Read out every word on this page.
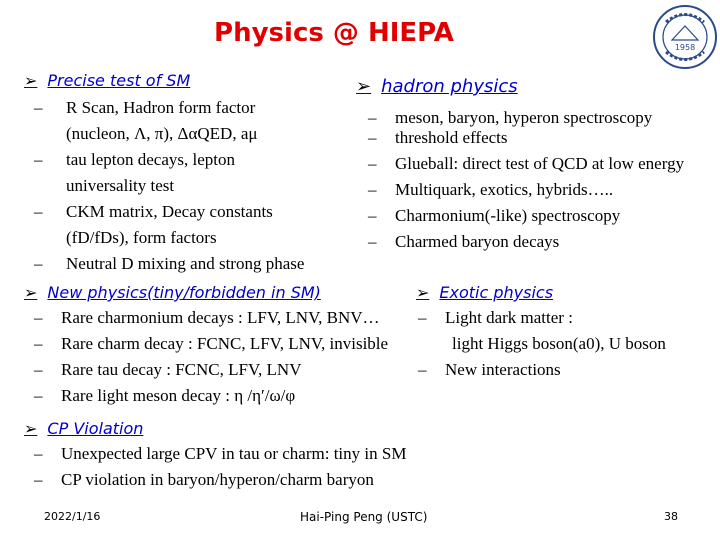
Physics @ HIEPA	1958
➢ Precise test of SM
– R Scan, Hadron form factor
(nucleon, Λ, π), ΔαQED, aμ
– tau lepton decays, lepton
universality test
– CKM matrix, Decay constants
(fD/fDs), form factors
– Neutral D mixing and strong phase
➢ hadron physics
– meson, baryon, hyperon spectroscopy
– threshold effects
– Glueball: direct test of QCD at low energy
– Multiquark, exotics, hybrids…..
– Charmonium(-like) spectroscopy
– Charmed baryon decays
➢ New physics(tiny/forbidden in SM)
– Rare charmonium decays : LFV, LNV, BNV…
– Rare charm decay : FCNC, LFV, LNV, invisible
– Rare tau decay : FCNC, LFV, LNV
– Rare light meson decay : η /η′/ω/φ
➢ Exotic physics
– Light dark matter :
light Higgs boson(a0), U boson
– New interactions
➢ CP Violation
– Unexpected large CPV in tau or charm: tiny in SM
– CP violation in baryon/hyperon/charm baryon
2022/1/16	Hai-Ping Peng (USTC)	38
